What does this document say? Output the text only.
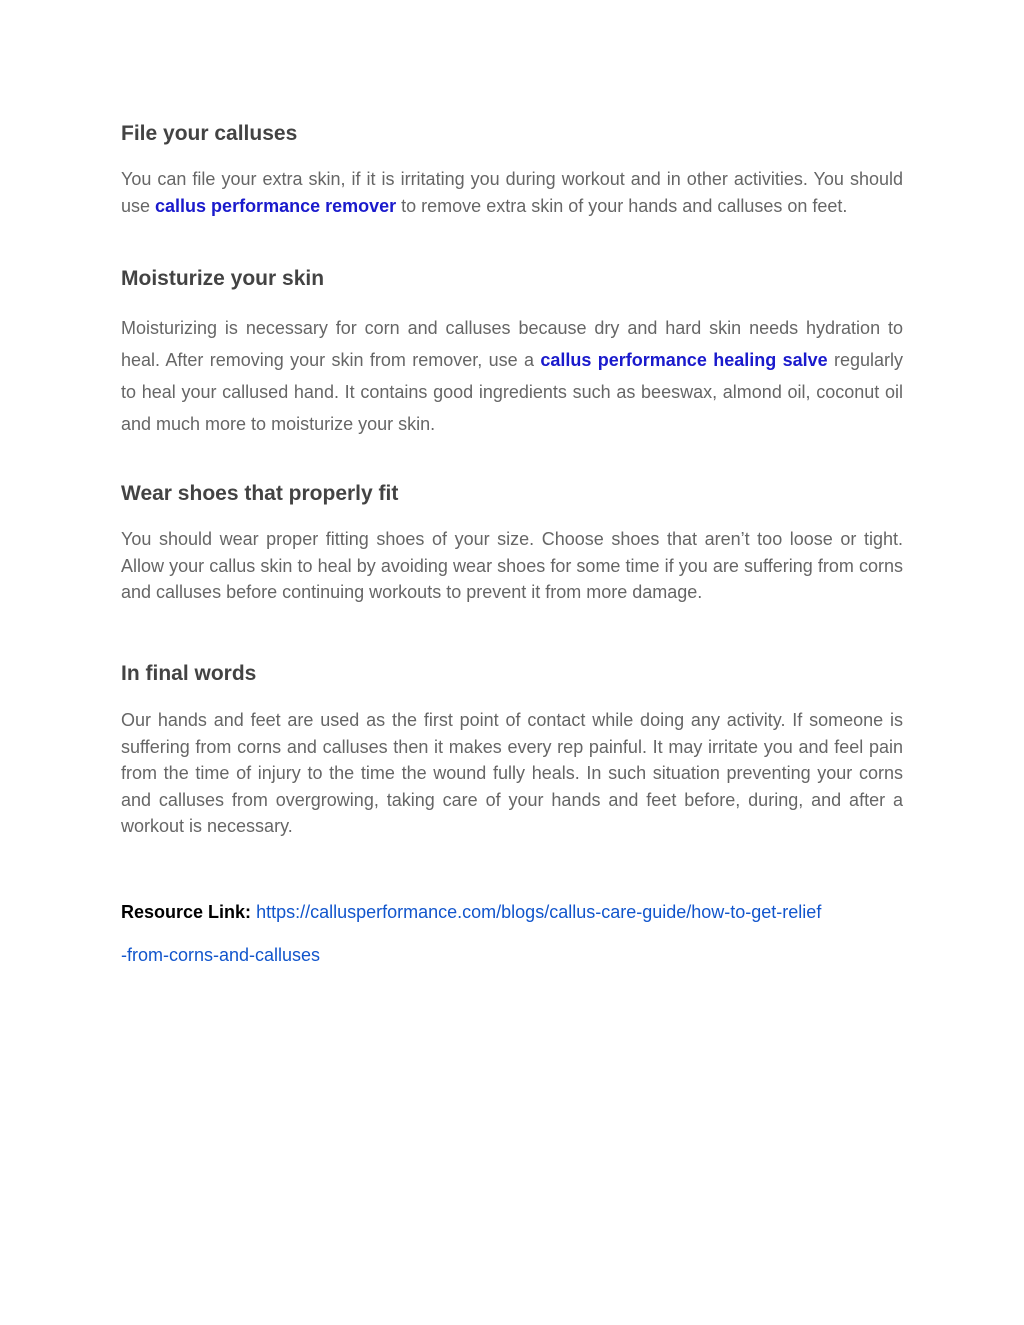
File your calluses

You can file your extra skin, if it is irritating you during workout and in other activities. You should use callus performance remover to remove extra skin of your hands and calluses on feet.

Moisturize your skin

Moisturizing is necessary for corn and calluses because dry and hard skin needs hydration to heal. After removing your skin from remover, use a callus performance healing salve regularly to heal your callused hand. It contains good ingredients such as beeswax, almond oil, coconut oil and much more to moisturize your skin.

Wear shoes that properly fit

You should wear proper fitting shoes of your size. Choose shoes that aren’t too loose or tight. Allow your callus skin to heal by avoiding wear shoes for some time if you are suffering from corns and calluses before continuing workouts to prevent it from more damage.

In final words

Our hands and feet are used as the first point of contact while doing any activity. If someone is suffering from corns and calluses then it makes every rep painful. It may irritate you and feel pain from the time of injury to the time the wound fully heals. In such situation preventing your corns and calluses from overgrowing, taking care of your hands and feet before, during, and after a workout is necessary.

Resource Link: https://callusperformance.com/blogs/callus-care-guide/how-to-get-relief
-from-corns-and-calluses
